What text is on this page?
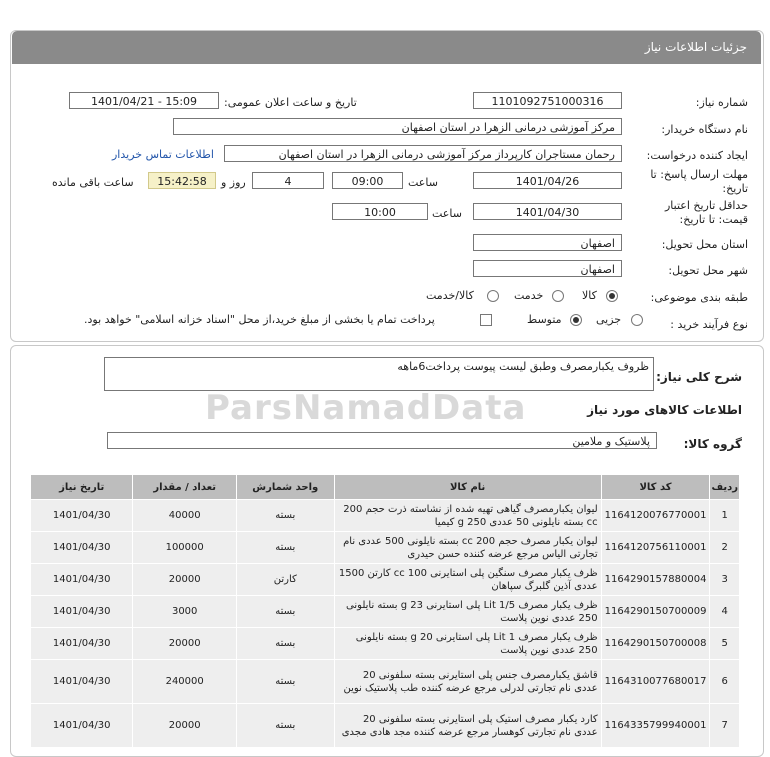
جزئیات اطلاعات نیاز
شماره نیاز:
1101092751000316
تاریخ و ساعت اعلان عمومی:
1401/04/21 - 15:09
نام دستگاه خریدار:
مرکز آموزشی درمانی الزهرا در استان اصفهان
ایجاد کننده درخواست:
رحمان مستاجران کارپرداز مرکز آموزشی درمانی الزهرا در استان اصفهان
اطلاعات تماس خریدار
مهلت ارسال پاسخ: تا
تاریخ:
1401/04/26
ساعت
09:00
4
روز و
15:42:58
ساعت باقی مانده
حداقل تاریخ اعتبار
قیمت: تا تاریخ:
1401/04/30
ساعت
10:00
استان محل تحویل:
اصفهان
شهر محل تحویل:
اصفهان
طبقه بندی موضوعی:
کالا
خدمت
کالا/خدمت
نوع فرآیند خرید :
جزیی
متوسط
پرداخت تمام یا بخشی از مبلغ خرید،از محل "اسناد خزانه اسلامی" خواهد بود.
شرح کلی نیاز:
ظروف یکبارمصرف وطبق لیست پیوست پرداخت6ماهه
ParsNamadData	اطلاعات کالاهای مورد نیاز
گروه کالا:
پلاستیک و ملامین
ردیف	کد کالا	نام کالا	واحد شمارش	تعداد / مقدار	تاریخ نیاز
1	1164120076770001	لیوان یکبارمصرف گیاهی تهیه شده از نشاسته ذرت حجم 200 cc بسته نایلونی 50 عددی 250 g کیمیا	بسته	40000	1401/04/30
2	1164120756110001	لیوان یکبار مصرف حجم 200 cc بسته نایلونی 500 عددی نام تجارتی الیاس مرجع عرضه کننده حسن حیدری	بسته	100000	1401/04/30
3	1164290157880004	ظرف یکبار مصرف سنگین پلی استایرنی 100 cc کارتن 1500 عددی آذین گلبرگ سپاهان	کارتن	20000	1401/04/30
4	1164290150700009	ظرف یکبار مصرف Lit 1/5 پلی استایرنی 23 g بسته نایلونی 250 عددی نوین پلاست	بسته	3000	1401/04/30
5	1164290150700008	ظرف یکبار مصرف Lit 1 پلی استایرنی 20 g بسته نایلونی 250 عددی نوین پلاست	بسته	20000	1401/04/30
6	1164310077680017	قاشق یکبارمصرف جنس پلی استایرنی بسته سلفونی 20 عددی نام تجارتی لدرلی مرجع عرضه کننده طب پلاستیک نوین	بسته	240000	1401/04/30
7	1164335799940001	کارد یکبار مصرف استیک پلی استایرنی بسته سلفونی 20 عددی نام تجارتی کوهسار مرجع عرضه کننده مجد هادی مجدی	بسته	20000	1401/04/30
